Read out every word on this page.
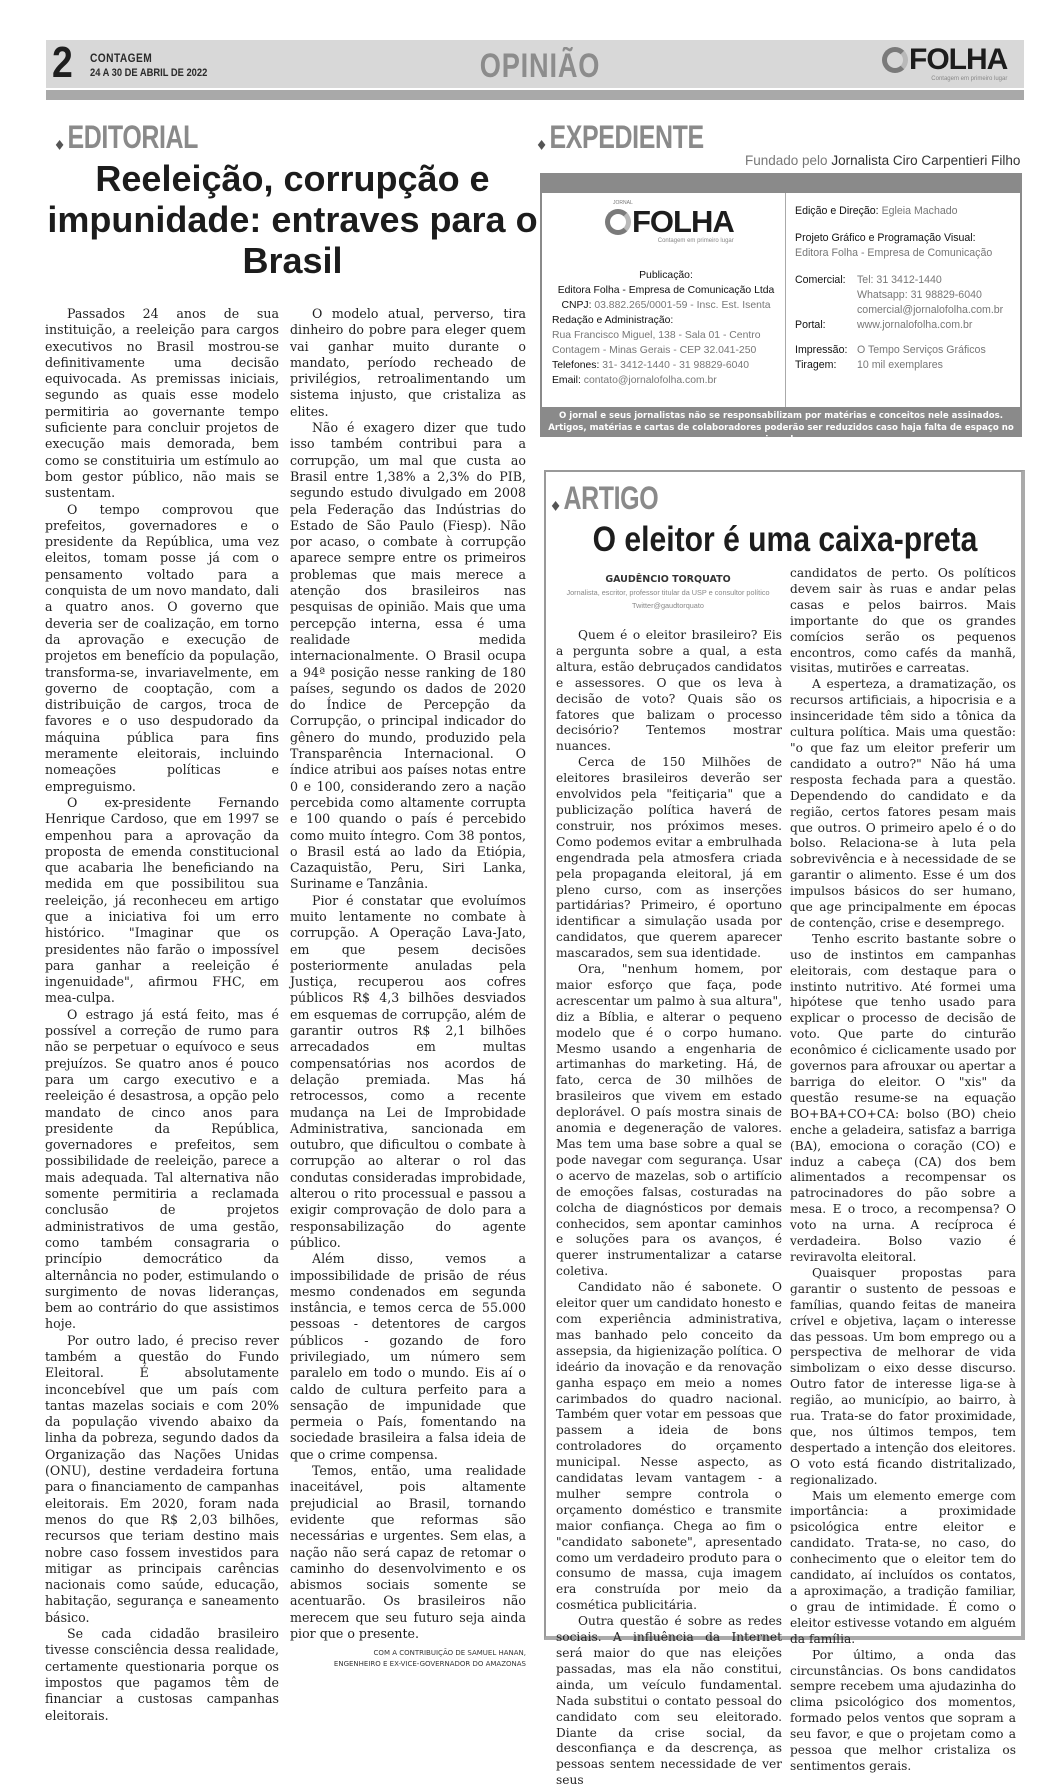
2 CONTAGEM
24 A 30 DE ABRIL DE 2022	OPINIÃO	FOLHA
Contagem em primeiro lugar
◆ EDITORIAL
Reeleição, corrupção e impunidade: entraves para o Brasil

Passados 24 anos de sua instituição, a reeleição para cargos executivos no Brasil mostrou-se definitivamente uma decisão equivocada. As premissas iniciais, segundo as quais esse modelo permitiria ao governante tempo suficiente para concluir projetos de execução mais demorada, bem como se constituiria um estímulo ao bom gestor público, não mais se sustentam.

O tempo comprovou que prefeitos, governadores e o presidente da República, uma vez eleitos, tomam posse já com o pensamento voltado para a conquista de um novo mandato, dali a quatro anos. O governo que deveria ser de coalização, em torno da aprovação e execução de projetos em benefício da população, transforma-se, invariavelmente, em governo de cooptação, com a distribuição de cargos, troca de favores e o uso despudorado da máquina pública para fins meramente eleitorais, incluindo nomeações políticas e empreguismo.

O ex-presidente Fernando Henrique Cardoso, que em 1997 se empenhou para a aprovação da proposta de emenda constitucional que acabaria lhe beneficiando na medida em que possibilitou sua reeleição, já reconheceu em artigo que a iniciativa foi um erro histórico. "Imaginar que os presidentes não farão o impossível para ganhar a reeleição é ingenuidade", afirmou FHC, em mea-culpa.

O estrago já está feito, mas é possível a correção de rumo para não se perpetuar o equívoco e seus prejuízos. Se quatro anos é pouco para um cargo executivo e a reeleição é desastrosa, a opção pelo mandato de cinco anos para presidente da República, governadores e prefeitos, sem possibilidade de reeleição, parece a mais adequada. Tal alternativa não somente permitiria a reclamada conclusão de projetos administrativos de uma gestão, como também consagraria o princípio democrático da alternância no poder, estimulando o surgimento de novas lideranças, bem ao contrário do que assistimos hoje.

Por outro lado, é preciso rever também a questão do Fundo Eleitoral. É absolutamente inconcebível que um país com tantas mazelas sociais e com 20% da população vivendo abaixo da linha da pobreza, segundo dados da Organização das Nações Unidas (ONU), destine verdadeira fortuna para o financiamento de campanhas eleitorais. Em 2020, foram nada menos do que R$ 2,03 bilhões, recursos que teriam destino mais nobre caso fossem investidos para mitigar as principais carências nacionais como saúde, educação, habitação, segurança e saneamento básico.

Se cada cidadão brasileiro tivesse consciência dessa realidade, certamente questionaria porque os impostos que pagamos têm de financiar a custosas campanhas eleitorais.

O modelo atual, perverso, tira dinheiro do pobre para eleger quem vai ganhar muito durante o mandato, período recheado de privilégios, retroalimentando um sistema injusto, que cristaliza as elites.

Não é exagero dizer que tudo isso também contribui para a corrupção, um mal que custa ao Brasil entre 1,38% a 2,3% do PIB, segundo estudo divulgado em 2008 pela Federação das Indústrias do Estado de São Paulo (Fiesp). Não por acaso, o combate à corrupção aparece sempre entre os primeiros problemas que mais merece a atenção dos brasileiros nas pesquisas de opinião. Mais que uma percepção interna, essa é uma realidade medida internacionalmente. O Brasil ocupa a 94ª posição nesse ranking de 180 países, segundo os dados de 2020 do Índice de Percepção da Corrupção, o principal indicador do gênero do mundo, produzido pela Transparência Internacional. O índice atribui aos países notas entre 0 e 100, considerando zero a nação percebida como altamente corrupta e 100 quando o país é percebido como muito íntegro. Com 38 pontos, o Brasil está ao lado da Etiópia, Cazaquistão, Peru, Siri Lanka, Suriname e Tanzânia.

Pior é constatar que evoluímos muito lentamente no combate à corrupção. A Operação Lava-Jato, em que pesem decisões posteriormente anuladas pela Justiça, recuperou aos cofres públicos R$ 4,3 bilhões desviados em esquemas de corrupção, além de garantir outros R$ 2,1 bilhões arrecadados em multas compensatórias nos acordos de delação premiada. Mas há retrocessos, como a recente mudança na Lei de Improbidade Administrativa, sancionada em outubro, que dificultou o combate à corrupção ao alterar o rol das condutas consideradas improbidade, alterou o rito processual e passou a exigir comprovação de dolo para a responsabilização do agente público.

Além disso, vemos a impossibilidade de prisão de réus mesmo condenados em segunda instância, e temos cerca de 55.000 pessoas - detentores de cargos públicos - gozando de foro privilegiado, um número sem paralelo em todo o mundo. Eis aí o caldo de cultura perfeito para a sensação de impunidade que permeia o País, fomentando na sociedade brasileira a falsa ideia de que o crime compensa.

Temos, então, uma realidade inaceitável, pois altamente prejudicial ao Brasil, tornando evidente que reformas são necessárias e urgentes. Sem elas, a nação não será capaz de retomar o caminho do desenvolvimento e os abismos sociais somente se acentuarão. Os brasileiros não merecem que seu futuro seja ainda pior que o presente.

COM A CONTRIBUIÇÃO DE SAMUEL HANAN,
ENGENHEIRO E EX-VICE-GOVERNADOR DO AMAZONAS
◆ EXPEDIENTE
Fundado pelo Jornalista Ciro Carpentieri Filho
JORNAL
FOLHA
Contagem em primeiro lugar
Publicação:
Editora Folha - Empresa de Comunicação Ltda
CNPJ: 03.882.265/0001-59 - Insc. Est. Isenta
Redação e Administração:
Rua Francisco Miguel, 138 - Sala 01 - Centro
Contagem - Minas Gerais - CEP 32.041-250
Telefones: 31- 3412-1440 - 31 98829-6040
Email: contato@jornalofolha.com.br
Edição e Direção: Egleia Machado
Projeto Gráfico e Programação Visual:
Editora Folha - Empresa de Comunicação
Comercial:	Tel: 31 3412-1440
Whatsapp: 31 98829-6040
comercial@jornalofolha.com.br
Portal:	www.jornalofolha.com.br
Impressão: O Tempo Serviços Gráficos
Tiragem:	10 mil exemplares
O jornal e seus jornalistas não se responsabilizam por matérias e conceitos nele assinados. Artigos, matérias e cartas de colaboradores poderão ser reduzidos caso haja falta de espaço no jornal.
◆ ARTIGO
O eleitor é uma caixa-preta
GAUDÊNCIO TORQUATO
Jornalista, escritor, professor titular da USP e consultor político
Twitter@gaudtorquato

Quem é o eleitor brasileiro? Eis a pergunta sobre a qual, a esta altura, estão debruçados candidatos e assessores. O que os leva à decisão de voto? Quais são os fatores que balizam o processo decisório? Tentemos mostrar nuances.

Cerca de 150 Milhões de eleitores brasileiros deverão ser envolvidos pela "feitiçaria" que a publicização política haverá de construir, nos próximos meses. Como podemos evitar a embrulhada engendrada pela atmosfera criada pela propaganda eleitoral, já em pleno curso, com as inserções partidárias? Primeiro, é oportuno identificar a simulação usada por candidatos, que querem aparecer mascarados, sem sua identidade.

Ora, "nenhum homem, por maior esforço que faça, pode acrescentar um palmo à sua altura", diz a Bíblia, e alterar o pequeno modelo que é o corpo humano. Mesmo usando a engenharia de artimanhas do marketing. Há, de fato, cerca de 30 milhões de brasileiros que vivem em estado deplorável. O país mostra sinais de anomia e degeneração de valores. Mas tem uma base sobre a qual se pode navegar com segurança. Usar o acervo de mazelas, sob o artifício de emoções falsas, costuradas na colcha de diagnósticos por demais conhecidos, sem apontar caminhos e soluções para os avanços, é querer instrumentalizar a catarse coletiva.

Candidato não é sabonete. O eleitor quer um candidato honesto e com experiência administrativa, mas banhado pelo conceito da assepsia, da higienização política. O ideário da inovação e da renovação ganha espaço em meio a nomes carimbados do quadro nacional. Também quer votar em pessoas que passem a ideia de bons controladores do orçamento municipal. Nesse aspecto, as candidatas levam vantagem - a mulher sempre controla o orçamento doméstico e transmite maior confiança. Chega ao fim o "candidato sabonete", apresentado como um verdadeiro produto para o consumo de massa, cuja imagem era construída por meio da cosmética publicitária.

Outra questão é sobre as redes sociais. A influência da Internet será maior do que nas eleições passadas, mas ela não constitui, ainda, um veículo fundamental. Nada substitui o contato pessoal do candidato com seu eleitorado. Diante da crise social, da desconfiança e da descrença, as pessoas sentem necessidade de ver seus

candidatos de perto. Os políticos devem sair às ruas e andar pelas casas e pelos bairros. Mais importante do que os grandes comícios serão os pequenos encontros, como cafés da manhã, visitas, mutirões e carreatas.

A esperteza, a dramatização, os recursos artificiais, a hipocrisia e a insinceridade têm sido a tônica da cultura política. Mais uma questão: "o que faz um eleitor preferir um candidato a outro?" Não há uma resposta fechada para a questão. Dependendo do candidato e da região, certos fatores pesam mais que outros. O primeiro apelo é o do bolso. Relaciona-se à luta pela sobrevivência e à necessidade de se garantir o alimento. Esse é um dos impulsos básicos do ser humano, que age principalmente em épocas de contenção, crise e desemprego.

Tenho escrito bastante sobre o uso de instintos em campanhas eleitorais, com destaque para o instinto nutritivo. Até formei uma hipótese que tenho usado para explicar o processo de decisão de voto. Que parte do cinturão econômico é ciclicamente usado por governos para afrouxar ou apertar a barriga do eleitor. O "xis" da questão resume-se na equação BO+BA+CO+CA: bolso (BO) cheio enche a geladeira, satisfaz a barriga (BA), emociona o coração (CO) e induz a cabeça (CA) dos bem alimentados a recompensar os patrocinadores do pão sobre a mesa. E o troco, a recompensa? O voto na urna. A recíproca é verdadeira. Bolso vazio é reviravolta eleitoral.

Quaisquer propostas para garantir o sustento de pessoas e famílias, quando feitas de maneira crível e objetiva, laçam o interesse das pessoas. Um bom emprego ou a perspectiva de melhorar de vida simbolizam o eixo desse discurso. Outro fator de interesse liga-se à região, ao município, ao bairro, à rua. Trata-se do fator proximidade, que, nos últimos tempos, tem despertado a intenção dos eleitores. O voto está ficando distritalizado, regionalizado.

Mais um elemento emerge com importância: a proximidade psicológica entre eleitor e candidato. Trata-se, no caso, do conhecimento que o eleitor tem do candidato, aí incluídos os contatos, a aproximação, a tradição familiar, o grau de intimidade. É como o eleitor estivesse votando em alguém da família.

Por último, a onda das circunstâncias. Os bons candidatos sempre recebem uma ajudazinha do clima psicológico dos momentos, formado pelos ventos que sopram a seu favor, e que o projetam como a pessoa que melhor cristaliza os sentimentos gerais.
